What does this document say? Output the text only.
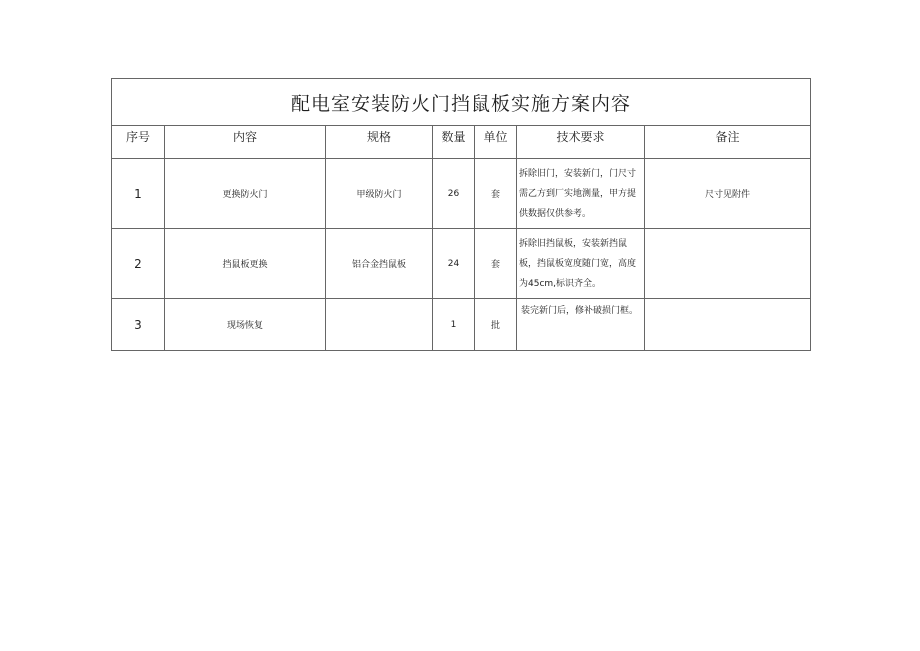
配电室安装防火门挡鼠板实施方案内容						
序号	内容	规格	数量	单位	技术要求	备注
1	更换防火门	甲级防火门	26	套	拆除旧门，安装新门，门尺寸需乙方到厂实地测量，甲方提供数据仅供参考。	尺寸见附件
2	挡鼠板更换	铝合金挡鼠板	24	套	拆除旧挡鼠板，安装新挡鼠板，挡鼠板宽度随门宽，高度为45cm,标识齐全。	
3	现场恢复		1	批	装完新门后，修补破损门框。	
